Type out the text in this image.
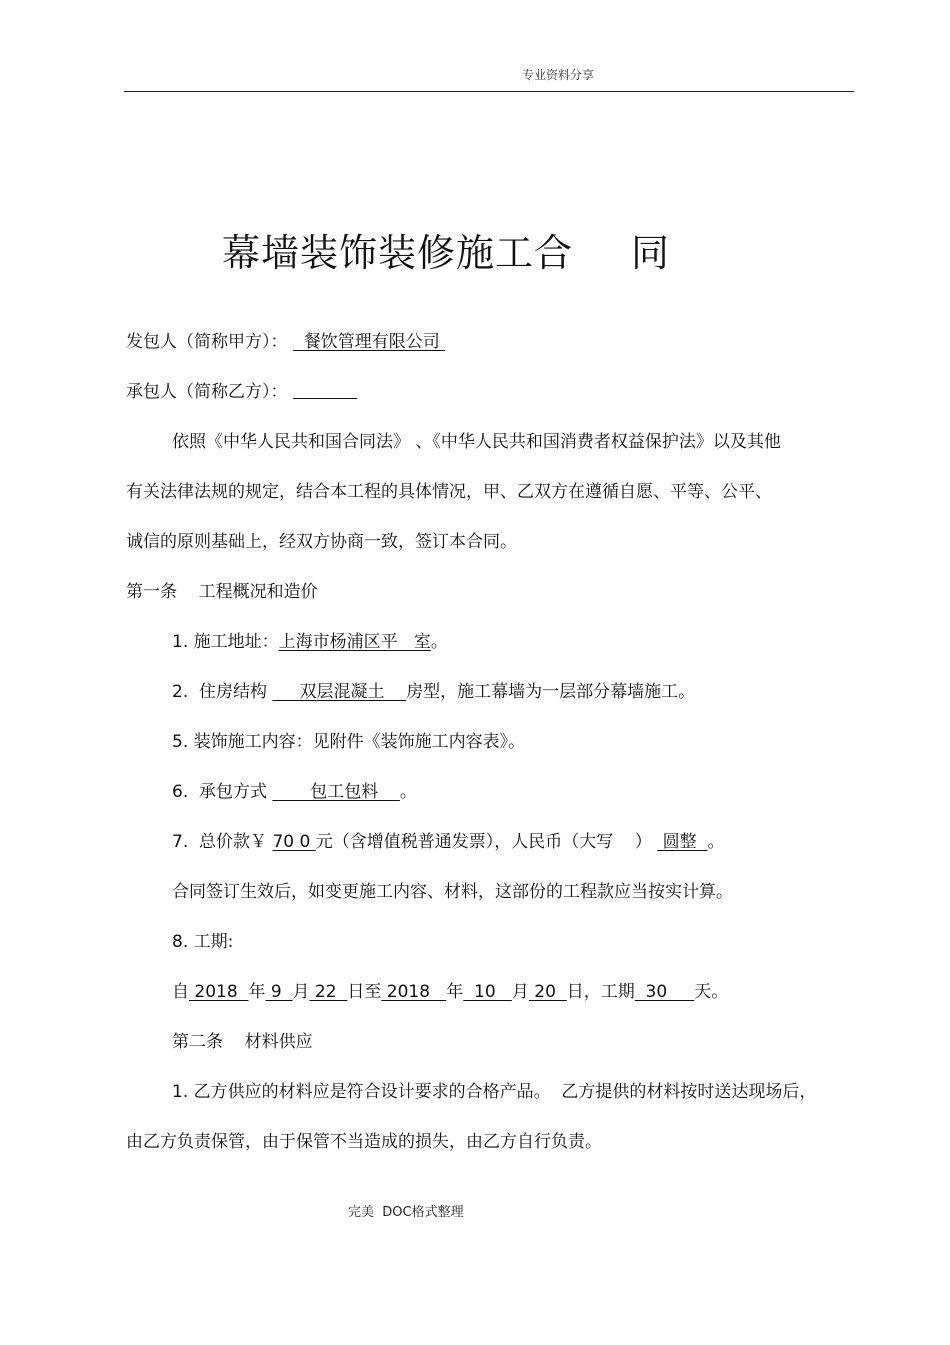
专业资料分享
幕墙装饰装修施工合 同
发包人（简称甲方）：   餐饮管理有限公司
承包人（简称乙方）：
依照《中华人民共和国合同法》 、《中华人民共和国消费者权益保护法》以及其他
有关法律法规的规定，结合本工程的具体情况，甲、乙双方在遵循自愿、平等、公平、
诚信的原则基础上，经双方协商一致，签订本合同。
第一条    工程概况和造价
1. 施工地址：上海市杨浦区平   室。
2.  住房结构      双层混凝土    房型，施工幕墙为一层部分幕墙施工。
5. 装饰施工内容：见附件《装饰施工内容表》。
6.  承包方式        包工包料    。
7.  总价款￥ 70 0 元（含增值税普通发票），人民币（大写    ）  圆整  。
合同签订生效后，如变更施工内容、材料，这部份的工程款应当按实计算。
8. 工期:
自 2018  年 9  月 22  日至 2018   年  10   月 20  日，工期  30     天。
第二条    材料供应
1. 乙方供应的材料应是符合设计要求的合格产品。  乙方提供的材料按时送达现场后，
由乙方负责保管，由于保管不当造成的损失，由乙方自行负责。
完美  DOC格式整理
